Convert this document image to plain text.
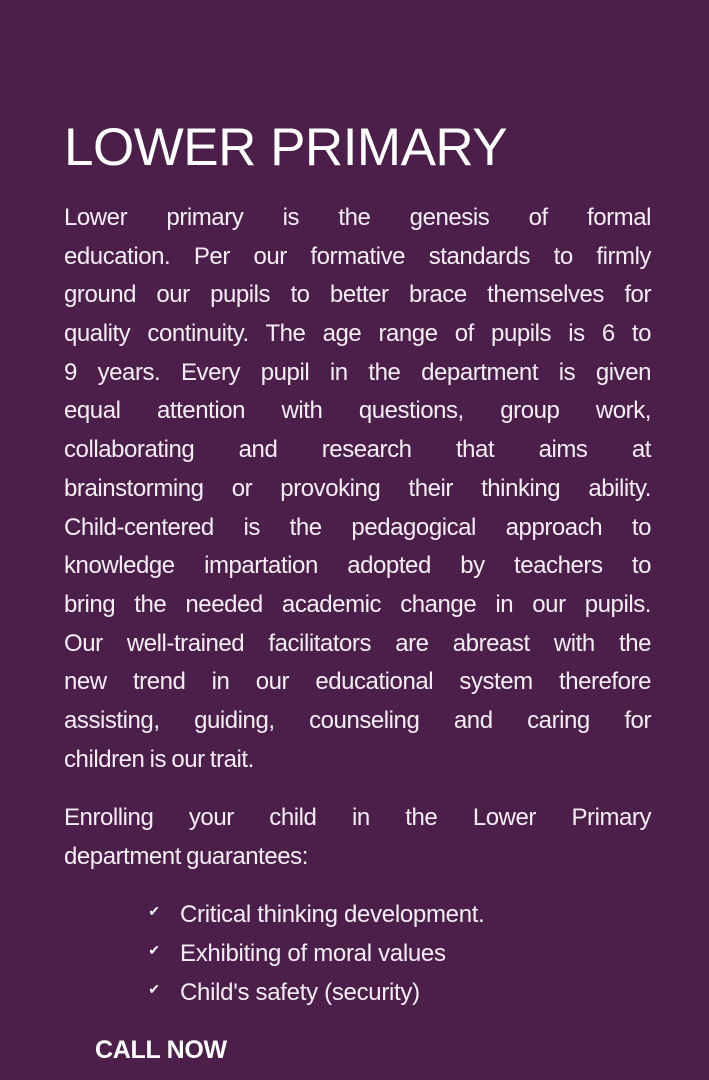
LOWER PRIMARY

Lower primary is the genesis of formal
education. Per our formative standards to firmly
ground our pupils to better brace themselves for
quality continuity. The age range of pupils is 6 to
9 years. Every pupil in the department is given
equal attention with questions, group work,
collaborating and research that aims at
brainstorming or provoking their thinking ability.
Child-centered is the pedagogical approach to
knowledge impartation adopted by teachers to
bring the needed academic change in our pupils.
Our well-trained facilitators are abreast with the
new trend in our educational system therefore
assisting, guiding, counseling and caring for
children is our trait.

Enrolling your child in the Lower Primary
department guarantees:

✔ Critical thinking development.
✔ Exhibiting of moral values
✔ Child's safety (security)
CALL NOW
